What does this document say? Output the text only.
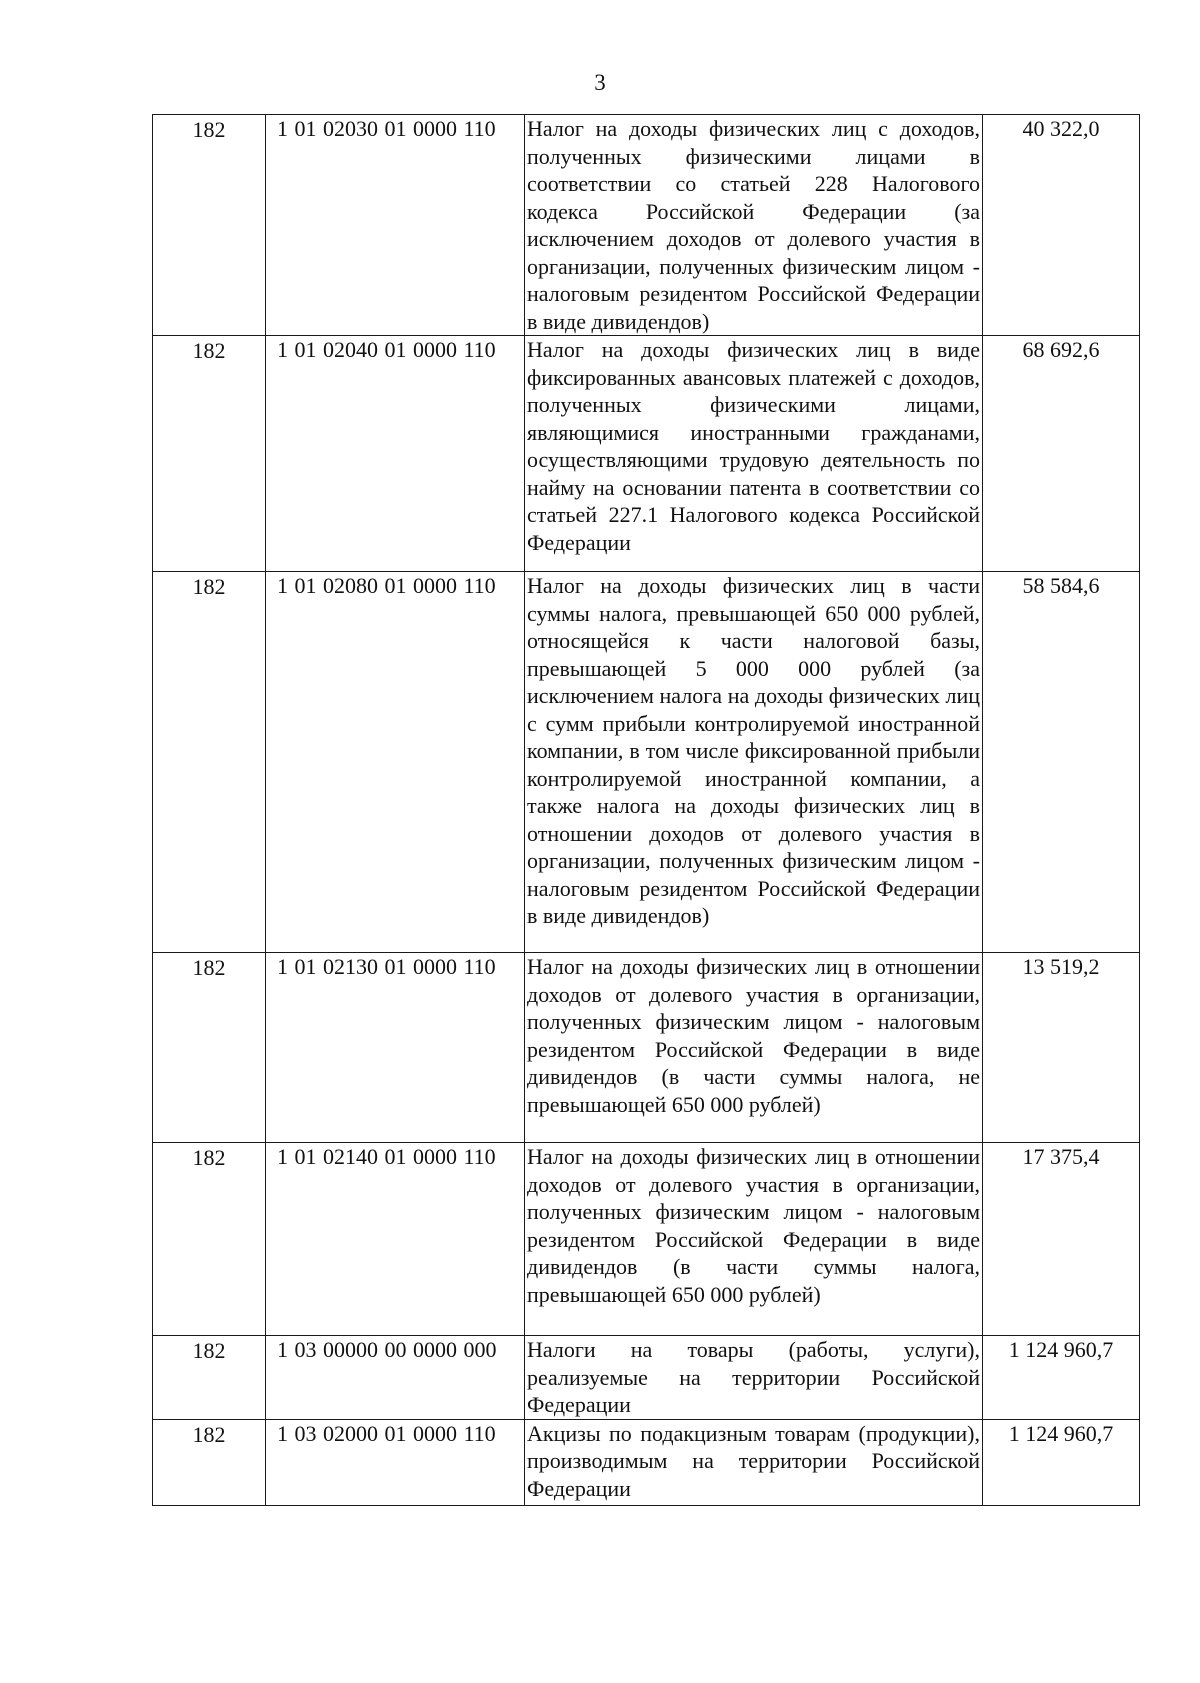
3
182	1 01 02030 01 0000 110	Налог на доходы физических лиц с доходов, полученных физическими лицами в соответствии со статьей 228 Налогового кодекса Российской Федерации (за исключением доходов от долевого участия в организации, полученных физическим лицом - налоговым резидентом Российской Федерации в виде дивидендов)	40 322,0
182	1 01 02040 01 0000 110	Налог на доходы физических лиц в виде фиксированных авансовых платежей с доходов, полученных физическими лицами, являющимися иностранными гражданами, осуществляющими трудовую деятельность по найму на основании патента в соответствии со статьей 227.1 Налогового кодекса Российской Федерации	68 692,6
182	1 01 02080 01 0000 110	Налог на доходы физических лиц в части суммы налога, превышающей 650 000 рублей, относящейся к части налоговой базы, превышающей 5 000 000 рублей (за исключением налога на доходы физических лиц с сумм прибыли контролируемой иностранной компании, в том числе фиксированной прибыли контролируемой иностранной компании, а также налога на доходы физических лиц в отношении доходов от долевого участия в организации, полученных физическим лицом - налоговым резидентом Российской Федерации в виде дивидендов)	58 584,6
182	1 01 02130 01 0000 110	Налог на доходы физических лиц в отношении доходов от долевого участия в организации, полученных физическим лицом - налоговым резидентом Российской Федерации в виде дивидендов (в части суммы налога, не превышающей 650 000 рублей)	13 519,2
182	1 01 02140 01 0000 110	Налог на доходы физических лиц в отношении доходов от долевого участия в организации, полученных физическим лицом - налоговым резидентом Российской Федерации в виде дивидендов (в части суммы налога, превышающей 650 000 рублей)	17 375,4
182	1 03 00000 00 0000 000	Налоги на товары (работы, услуги), реализуемые на территории Российской Федерации	1 124 960,7
182	1 03 02000 01 0000 110	Акцизы по подакцизным товарам (продукции), производимым на территории Российской Федерации	1 124 960,7
